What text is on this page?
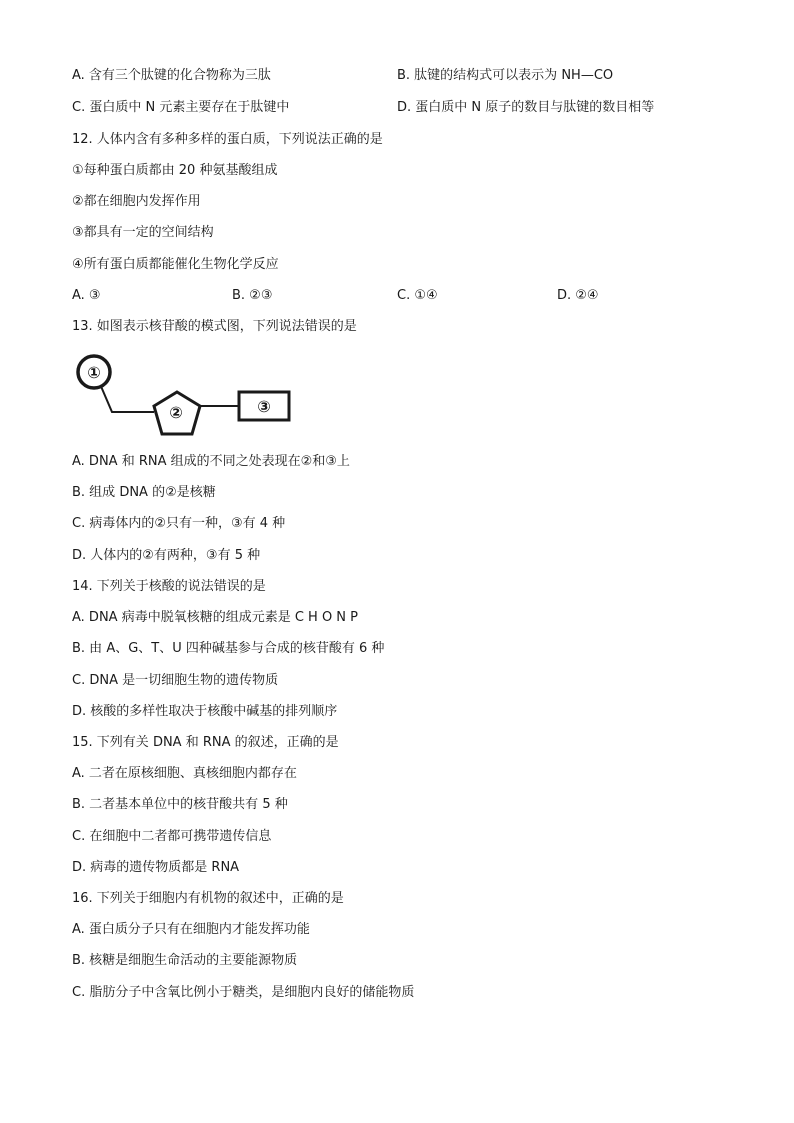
A. 含有三个肽键的化合物称为三肽	B. 肽键的结构式可以表示为 NH—CO
C. 蛋白质中 N 元素主要存在于肽键中	D. 蛋白质中 N 原子的数目与肽键的数目相等
12. 人体内含有多种多样的蛋白质，下列说法正确的是
①每种蛋白质都由 20 种氨基酸组成
②都在细胞内发挥作用
③都具有一定的空间结构
④所有蛋白质都能催化生物化学反应
A. ③	B. ②③	C. ①④	D. ②④
13. 如图表示核苷酸的模式图，下列说法错误的是
①
②	③
A. DNA 和 RNA 组成的不同之处表现在②和③上
B. 组成 DNA 的②是核糖
C. 病毒体内的②只有一种，③有 4 种
D. 人体内的②有两种，③有 5 种
14. 下列关于核酸的说法错误的是
A. DNA 病毒中脱氧核糖的组成元素是 C H O N P
B. 由 A、G、T、U 四种碱基参与合成的核苷酸有 6 种
C. DNA 是一切细胞生物的遗传物质
D. 核酸的多样性取决于核酸中碱基的排列顺序
15. 下列有关 DNA 和 RNA 的叙述，正确的是
A. 二者在原核细胞、真核细胞内都存在
B. 二者基本单位中的核苷酸共有 5 种
C. 在细胞中二者都可携带遗传信息
D. 病毒的遗传物质都是 RNA
16. 下列关于细胞内有机物的叙述中，正确的是
A. 蛋白质分子只有在细胞内才能发挥功能
B. 核糖是细胞生命活动的主要能源物质
C. 脂肪分子中含氧比例小于糖类，是细胞内良好的储能物质
